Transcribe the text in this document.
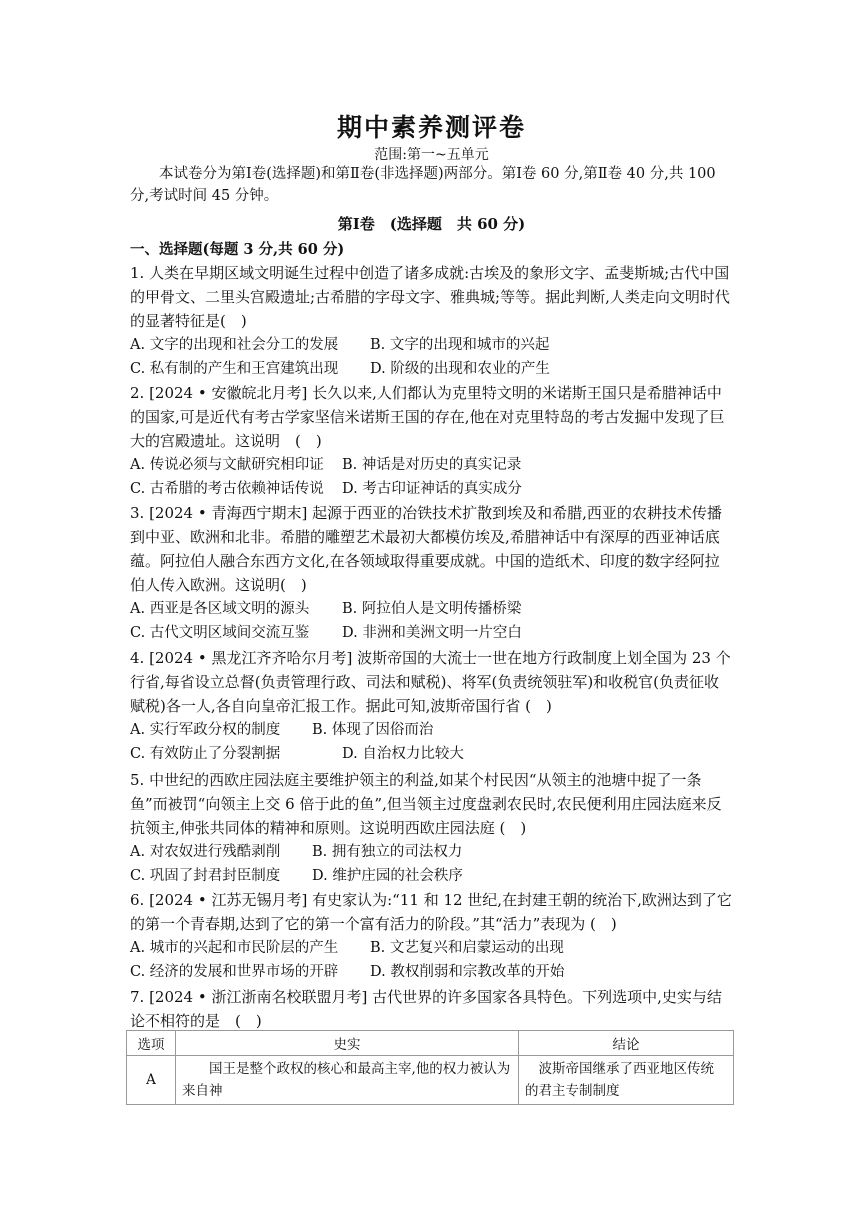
期中素养测评卷
范围:第一~五单元
本试卷分为第Ⅰ卷(选择题)和第Ⅱ卷(非选择题)两部分。第Ⅰ卷 60 分,第Ⅱ卷 40 分,共 100 分,考试时间 45 分钟。
第Ⅰ卷　(选择题　共 60 分)
一、选择题(每题 3 分,共 60 分)
1. 人类在早期区域文明诞生过程中创造了诸多成就:古埃及的象形文字、孟斐斯城;古代中国的甲骨文、二里头宫殿遗址;古希腊的字母文字、雅典城;等等。据此判断,人类走向文明时代的显著特征是(　)
A. 文字的出现和社会分工的发展 B. 文字的出现和城市的兴起
C. 私有制的产生和王宫建筑出现 D. 阶级的出现和农业的产生
2. [2024 • 安徽皖北月考] 长久以来,人们都认为克里特文明的米诺斯王国只是希腊神话中的国家,可是近代有考古学家坚信米诺斯王国的存在,他在对克里特岛的考古发掘中发现了巨大的宫殿遗址。这说明　(　)
A. 传说必须与文献研究相印证 B. 神话是对历史的真实记录
C. 古希腊的考古依赖神话传说 D. 考古印证神话的真实成分
3. [2024 • 青海西宁期末] 起源于西亚的冶铁技术扩散到埃及和希腊,西亚的农耕技术传播到中亚、欧洲和北非。希腊的雕塑艺术最初大都模仿埃及,希腊神话中有深厚的西亚神话底蕴。阿拉伯人融合东西方文化,在各领域取得重要成就。中国的造纸术、印度的数字经阿拉伯人传入欧洲。这说明(　)
A. 西亚是各区域文明的源头 B. 阿拉伯人是文明传播桥梁
C. 古代文明区域间交流互鉴 D. 非洲和美洲文明一片空白
4. [2024 • 黑龙江齐齐哈尔月考] 波斯帝国的大流士一世在地方行政制度上划全国为 23 个行省,每省设立总督(负责管理行政、司法和赋税)、将军(负责统领驻军)和收税官(负责征收赋税)各一人,各自向皇帝汇报工作。据此可知,波斯帝国行省 (　)
A. 实行军政分权的制度 B. 体现了因俗而治
C. 有效防止了分裂割据	D. 自治权力比较大
5. 中世纪的西欧庄园法庭主要维护领主的利益,如某个村民因“从领主的池塘中捉了一条鱼”而被罚“向领主上交 6 倍于此的鱼”,但当领主过度盘剥农民时,农民便利用庄园法庭来反抗领主,伸张共同体的精神和原则。这说明西欧庄园法庭 (　)
A. 对农奴进行残酷剥削 B. 拥有独立的司法权力
C. 巩固了封君封臣制度 D. 维护庄园的社会秩序
6. [2024 • 江苏无锡月考] 有史家认为:“11 和 12 世纪,在封建王朝的统治下,欧洲达到了它的第一个青春期,达到了它的第一个富有活力的阶段。”其“活力”表现为 (　)
A. 城市的兴起和市民阶层的产生 B. 文艺复兴和启蒙运动的出现
C. 经济的发展和世界市场的开辟 D. 教权削弱和宗教改革的开始
7. [2024 • 浙江浙南名校联盟月考] 古代世界的许多国家各具特色。下列选项中,史实与结论不相符的是　(　)
选项	史实	结论
A	国王是整个政权的核心和最高主宰,他的权力被认为来自神	波斯帝国继承了西亚地区传统的君主专制制度
